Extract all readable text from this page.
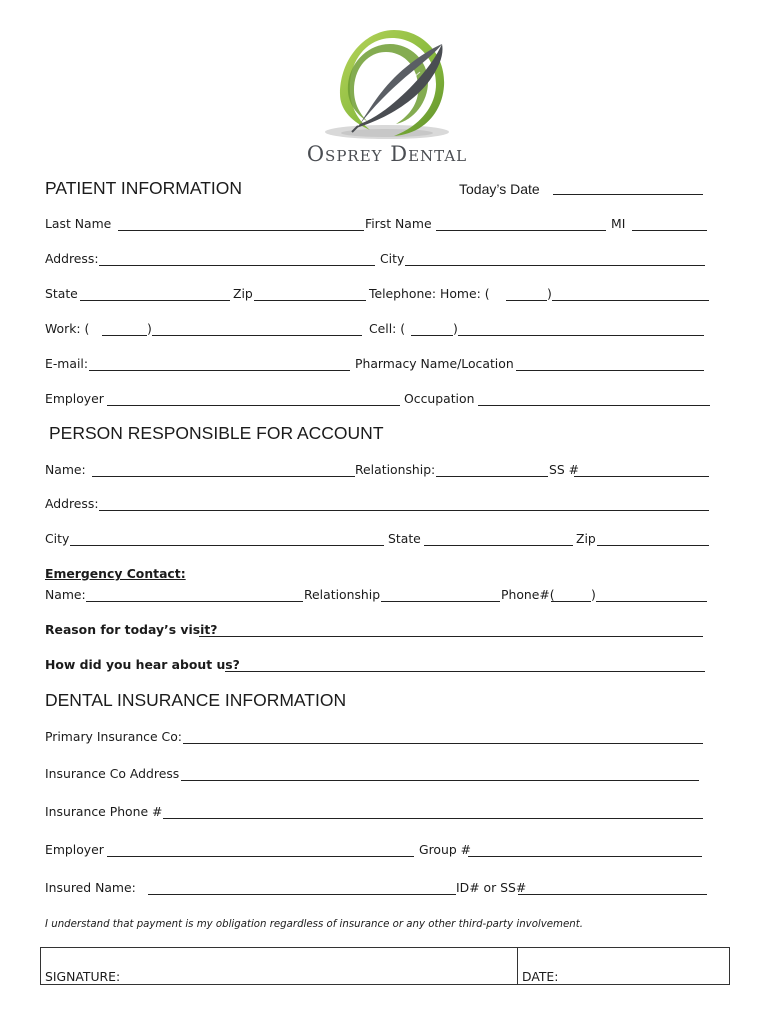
Osprey Dental
PATIENT INFORMATION	Today’s Date
Last Name	First Name	MI
Address:	City
State	Zip	Telephone: Home: (	)
Work: (	)	Cell: (	)
E-mail:	Pharmacy Name/Location
Employer	Occupation
PERSON RESPONSIBLE FOR ACCOUNT
Name:	Relationship:	SS #
Address:
City	State	Zip
Emergency Contact:
Name:	Relationship	Phone#(	)
Reason for today’s visit?
How did you hear about us?
DENTAL INSURANCE INFORMATION
Primary Insurance Co:
Insurance Co Address
Insurance Phone #
Employer	Group #
Insured Name:	ID# or SS#
I understand that payment is my obligation regardless of insurance or any other third-party involvement.
SIGNATURE:	DATE:
